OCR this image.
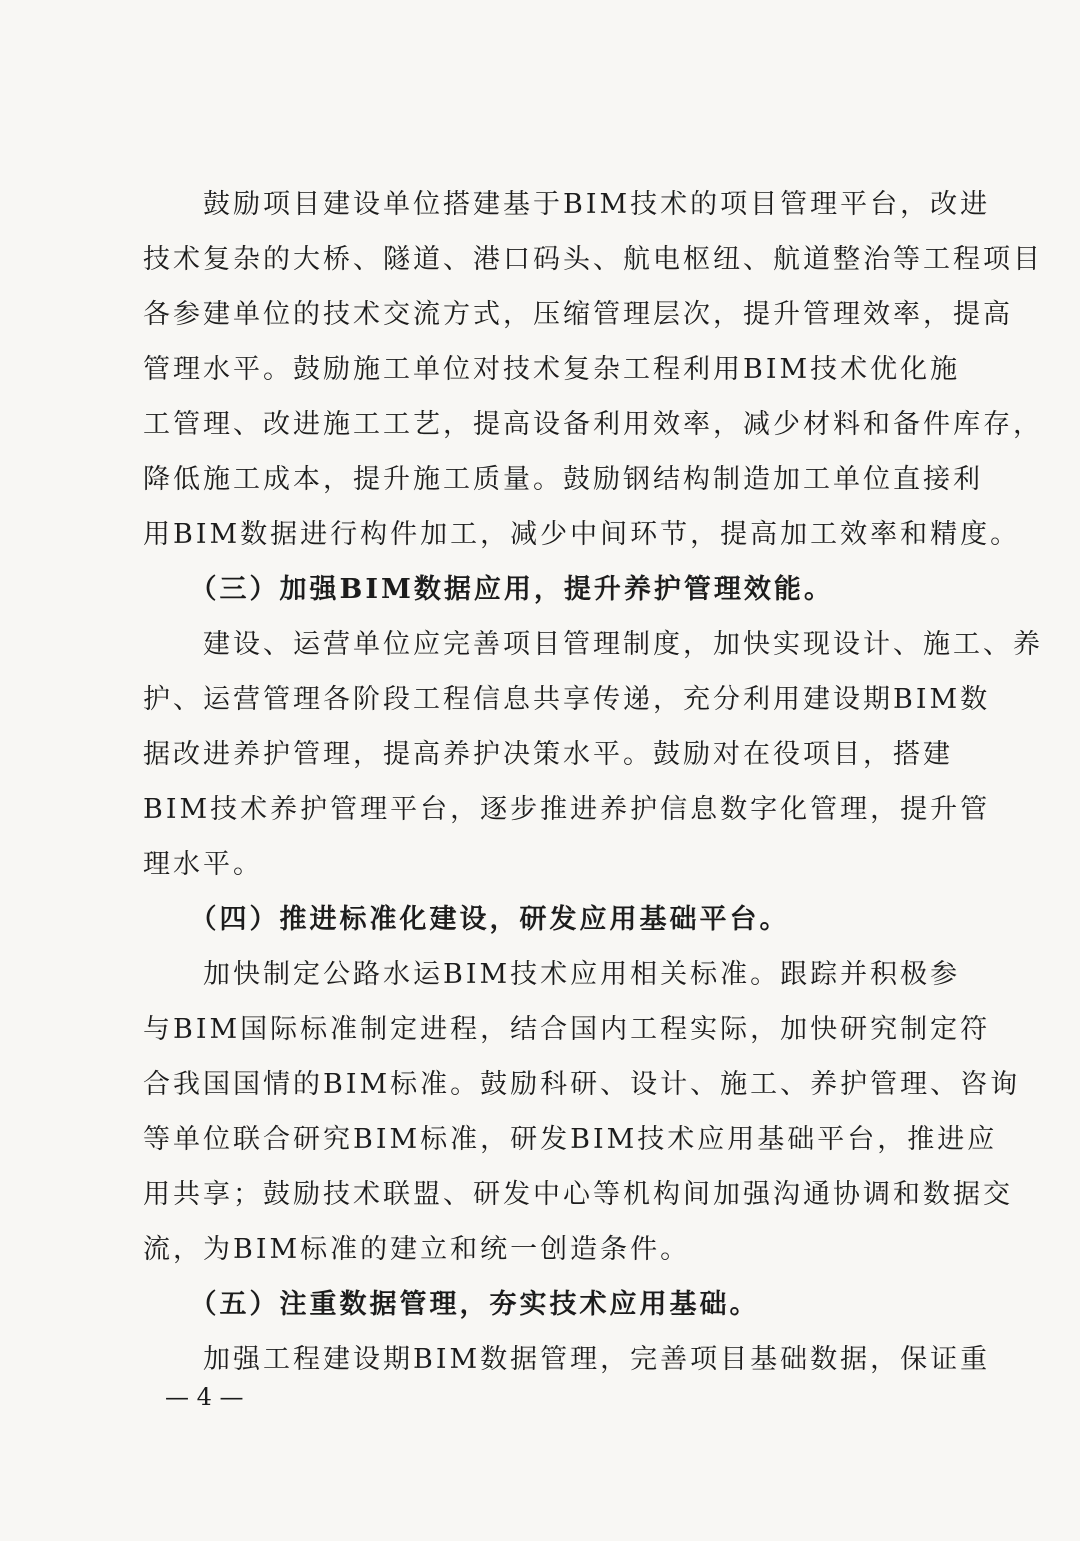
　　鼓励项目建设单位搭建基于BIM技术的项目管理平台，改进
技术复杂的大桥、隧道、港口码头、航电枢纽、航道整治等工程项目
各参建单位的技术交流方式，压缩管理层次，提升管理效率，提高
管理水平。鼓励施工单位对技术复杂工程利用BIM技术优化施
工管理、改进施工工艺，提高设备利用效率，减少材料和备件库存，
降低施工成本，提升施工质量。鼓励钢结构制造加工单位直接利
用BIM数据进行构件加工，减少中间环节，提高加工效率和精度。
　　（三）加强BIM数据应用，提升养护管理效能。
　　建设、运营单位应完善项目管理制度，加快实现设计、施工、养
护、运营管理各阶段工程信息共享传递，充分利用建设期BIM数
据改进养护管理，提高养护决策水平。鼓励对在役项目，搭建
BIM技术养护管理平台，逐步推进养护信息数字化管理，提升管
理水平。
　　（四）推进标准化建设，研发应用基础平台。
　　加快制定公路水运BIM技术应用相关标准。跟踪并积极参
与BIM国际标准制定进程，结合国内工程实际，加快研究制定符
合我国国情的BIM标准。鼓励科研、设计、施工、养护管理、咨询
等单位联合研究BIM标准，研发BIM技术应用基础平台，推进应
用共享；鼓励技术联盟、研发中心等机构间加强沟通协调和数据交
流，为BIM标准的建立和统一创造条件。
　　（五）注重数据管理，夯实技术应用基础。
　　加强工程建设期BIM数据管理，完善项目基础数据，保证重
— 4 —
